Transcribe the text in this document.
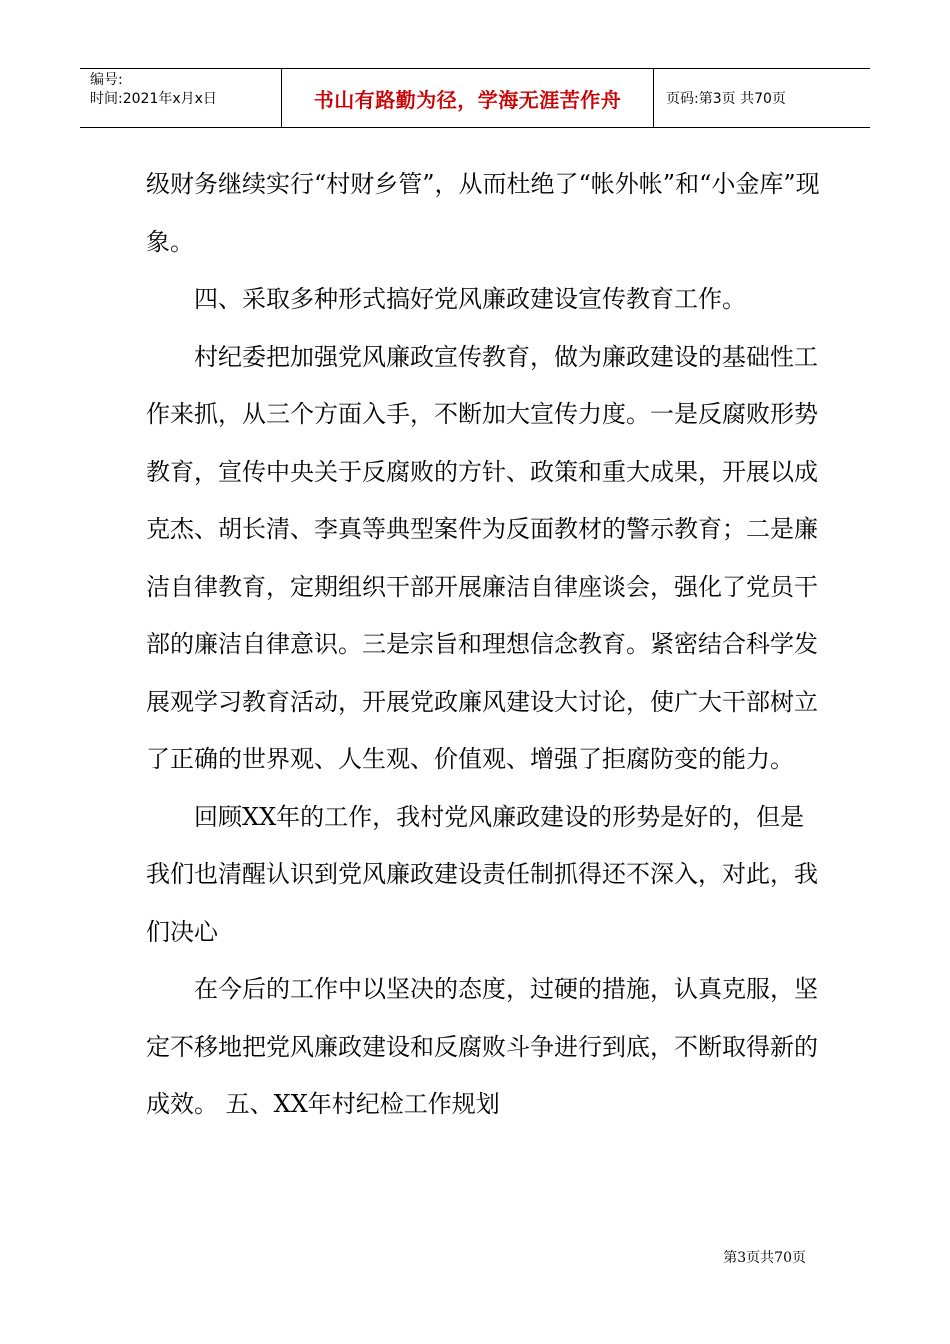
编号:
时间:2021年x月x日	书山有路勤为径，学海无涯苦作舟	页码:第3页 共70页

级财务继续实行“村财乡管”，从而杜绝了“帐外帐”和“小金库”现象。

四、采取多种形式搞好党风廉政建设宣传教育工作。

村纪委把加强党风廉政宣传教育，做为廉政建设的基础性工作来抓，从三个方面入手，不断加大宣传力度。一是反腐败形势教育，宣传中央关于反腐败的方针、政策和重大成果，开展以成克杰、胡长清、李真等典型案件为反面教材的警示教育；二是廉洁自律教育，定期组织干部开展廉洁自律座谈会，强化了党员干部的廉洁自律意识。三是宗旨和理想信念教育。紧密结合科学发展观学习教育活动，开展党政廉风建设大讨论，使广大干部树立了正确的世界观、人生观、价值观、增强了拒腐防变的能力。

回顾XX年的工作，我村党风廉政建设的形势是好的，但是我们也清醒认识到党风廉政建设责任制抓得还不深入，对此，我们决心

在今后的工作中以坚决的态度，过硬的措施，认真克服，坚定不移地把党风廉政建设和反腐败斗争进行到底，不断取得新的成效。 五、XX年村纪检工作规划

第3页共70页
